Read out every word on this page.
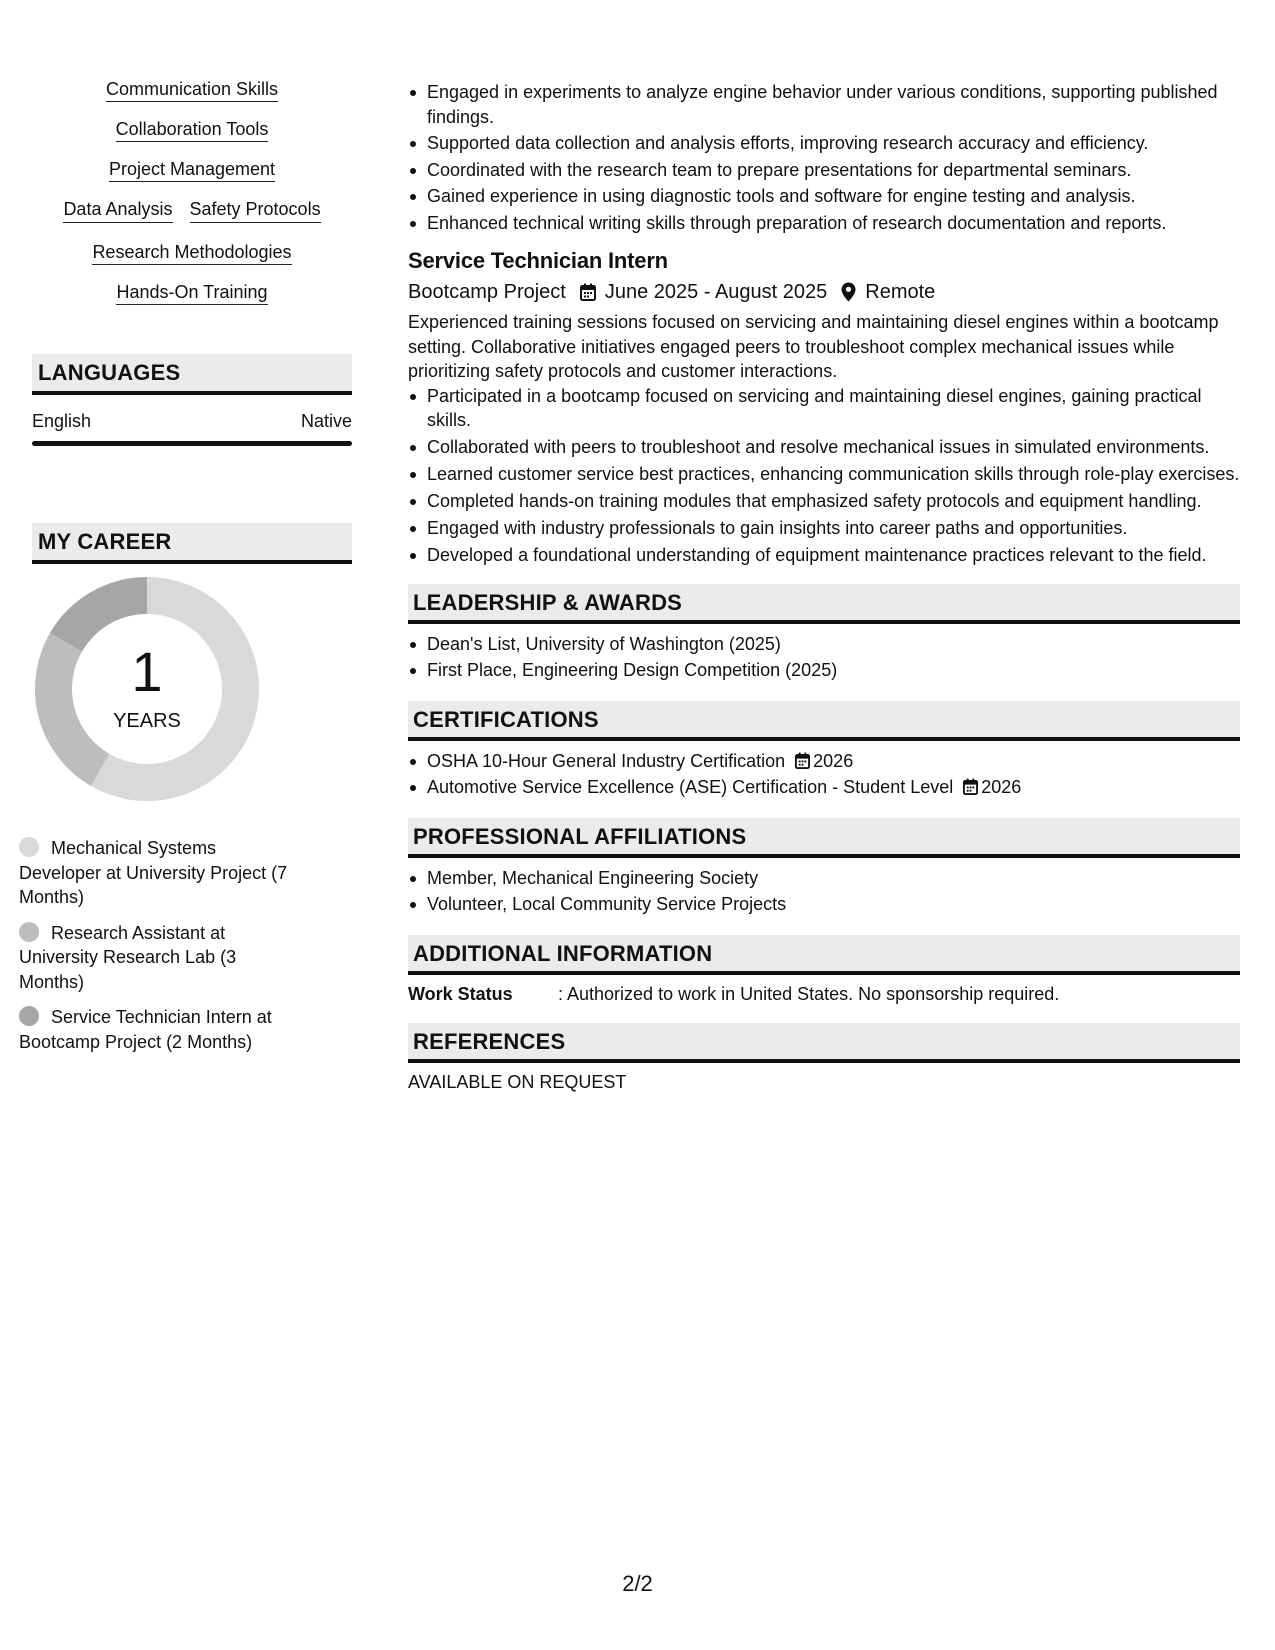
Communication Skills
Collaboration Tools
Project Management
Data Analysis Safety Protocols
Research Methodologies
Hands-On Training
LANGUAGES
English	Native
MY CAREER
1
YEARS
Mechanical Systems Developer at University Project (7 Months)
Research Assistant at University Research Lab (3 Months)
Service Technician Intern at Bootcamp Project (2 Months)
Engaged in experiments to analyze engine behavior under various conditions, supporting published findings.
Supported data collection and analysis efforts, improving research accuracy and efficiency.
Coordinated with the research team to prepare presentations for departmental seminars.
Gained experience in using diagnostic tools and software for engine testing and analysis.
Enhanced technical writing skills through preparation of research documentation and reports.
Service Technician Intern
Bootcamp Project June 2025 - August 2025 Remote
Experienced training sessions focused on servicing and maintaining diesel engines within a bootcamp setting. Collaborative initiatives engaged peers to troubleshoot complex mechanical issues while prioritizing safety protocols and customer interactions.
Participated in a bootcamp focused on servicing and maintaining diesel engines, gaining practical skills.
Collaborated with peers to troubleshoot and resolve mechanical issues in simulated environments.
Learned customer service best practices, enhancing communication skills through role-play exercises.
Completed hands-on training modules that emphasized safety protocols and equipment handling.
Engaged with industry professionals to gain insights into career paths and opportunities.
Developed a foundational understanding of equipment maintenance practices relevant to the field.
LEADERSHIP & AWARDS
Dean's List, University of Washington (2025)
First Place, Engineering Design Competition (2025)
CERTIFICATIONS
OSHA 10-Hour General Industry Certification 2026
Automotive Service Excellence (ASE) Certification - Student Level 2026
PROFESSIONAL AFFILIATIONS
Member, Mechanical Engineering Society
Volunteer, Local Community Service Projects
ADDITIONAL INFORMATION
Work Status	: Authorized to work in United States. No sponsorship required.
REFERENCES
AVAILABLE ON REQUEST
2/2
